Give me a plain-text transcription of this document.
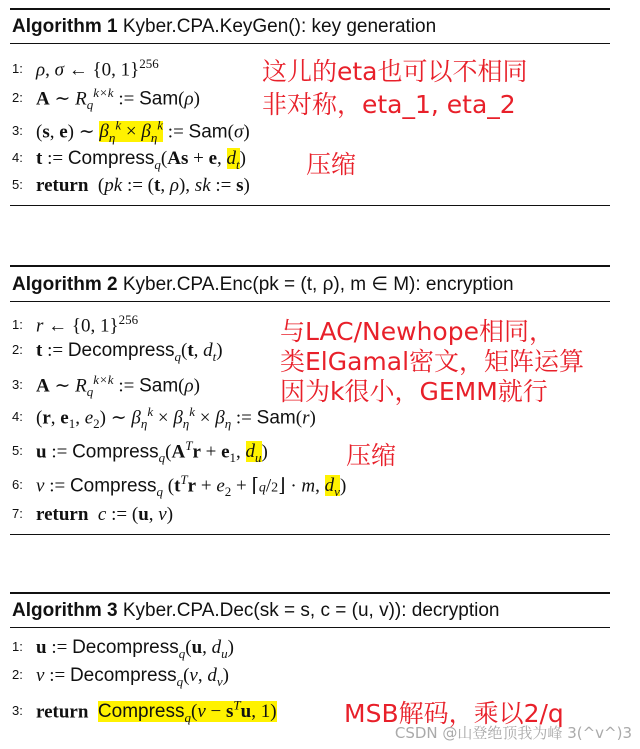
Algorithm 1 Kyber.CPA.KeyGen(): key generation
1: ρ, σ ← {0, 1}$^{256}$
2: A ∼ $R_q^{k\times k}$ := Sam(ρ)
3: (s, e) ∼ $\beta_\eta^k \times \beta_\eta^k$ := Sam(σ)
4: t := Compress$_q$(As + e, $d_t$)
5: return  (pk := (t, ρ), sk := s)
这儿的eta也可以不相同
非对称，eta_1, eta_2
压缩
Algorithm 2 Kyber.CPA.Enc(pk = (t, ρ), m ∈ M): encryption
1: r ← {0, 1}$^{256}$
2: t := Decompress$_q$(t, $d_t$)
3: A ∼ $R_q^{k\times k}$ := Sam(ρ)
4: (r, $e_1$, $e_2$) ∼ $\beta_\eta^k \times \beta_\eta^k \times \beta_\eta$ := Sam(r)
5: u := $Compress_q(A^Tr + e_1$, $d_u$)
6: v := Compress$_q$ ($t^Tr + e_2$ + ⌈q/2⌋ · m, $d_v$)
7: return c := (u, v)
与LAC/Newhope相同，
类ElGamal密文，矩阵运算
因为k很小，GEMM就行
压缩
Algorithm 3 Kyber.CPA.Dec(sk = s, c = (u, v)): decryption
1: u := Decompress$_q$(u, $d_u$)
2: v := Decompress$_q$(v, $d_v$)
3: return Compress$_q$(v − $s^Tu$, 1)	MSB解码，乘以2/q
CSDN @山登绝顶我为峰 3(^v^)3
